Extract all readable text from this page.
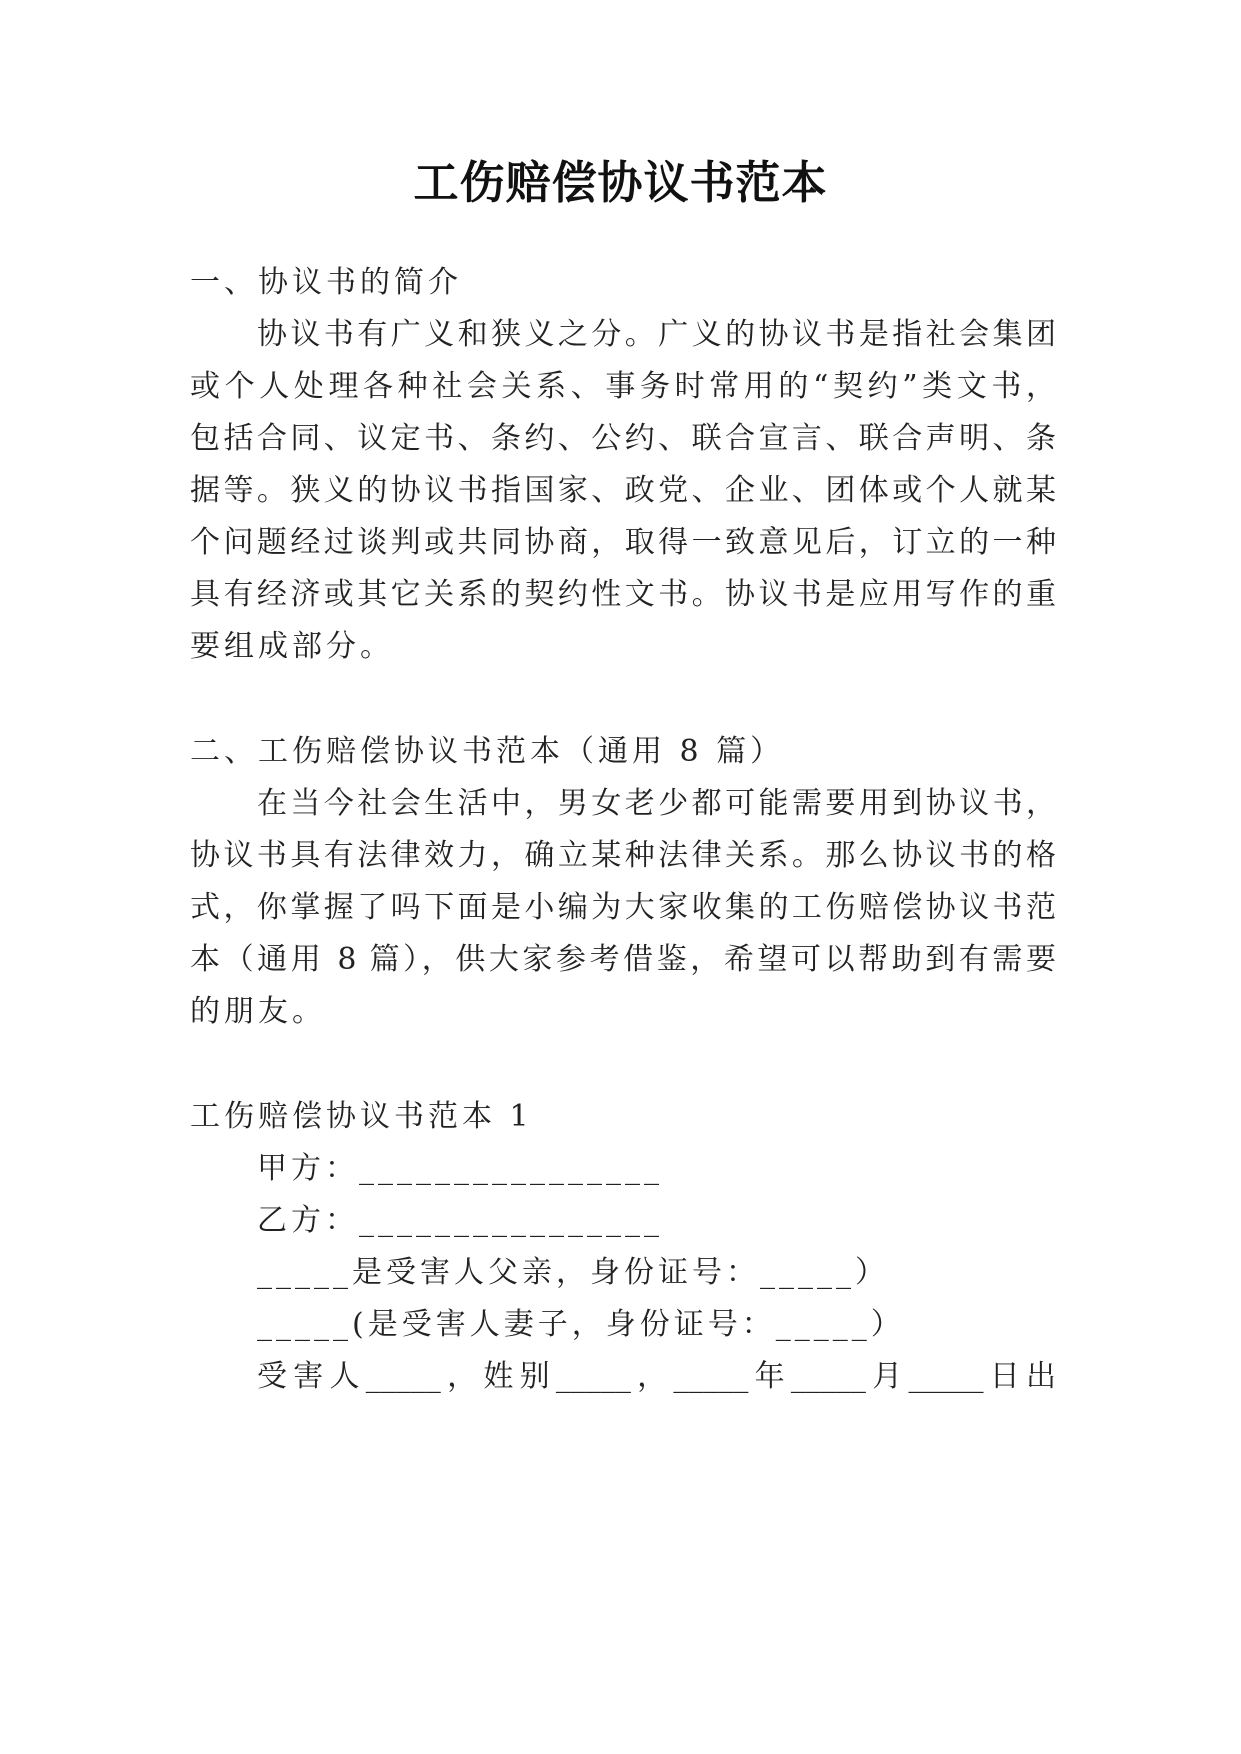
工伤赔偿协议书范本
一、协议书的简介
协议书有广义和狭义之分。广义的协议书是指社会集团
或个人处理各种社会关系、事务时常用的“契约”类文书，
包括合同、议定书、条约、公约、联合宣言、联合声明、条
据等。狭义的协议书指国家、政党、企业、团体或个人就某
个问题经过谈判或共同协商，取得一致意见后，订立的一种
具有经济或其它关系的契约性文书。协议书是应用写作的重
要组成部分。
二、工伤赔偿协议书范本（通用 8 篇）
在当今社会生活中，男女老少都可能需要用到协议书，
协议书具有法律效力，确立某种法律关系。那么协议书的格
式，你掌握了吗下面是小编为大家收集的工伤赔偿协议书范
本（通用 8 篇），供大家参考借鉴，希望可以帮助到有需要
的朋友。
工伤赔偿协议书范本 1
甲方：________________
乙方：________________
_____是受害人父亲，身份证号：_____）
_____(是受害人妻子，身份证号：_____）
受害人_____，姓别_____，_____年_____月_____日出
